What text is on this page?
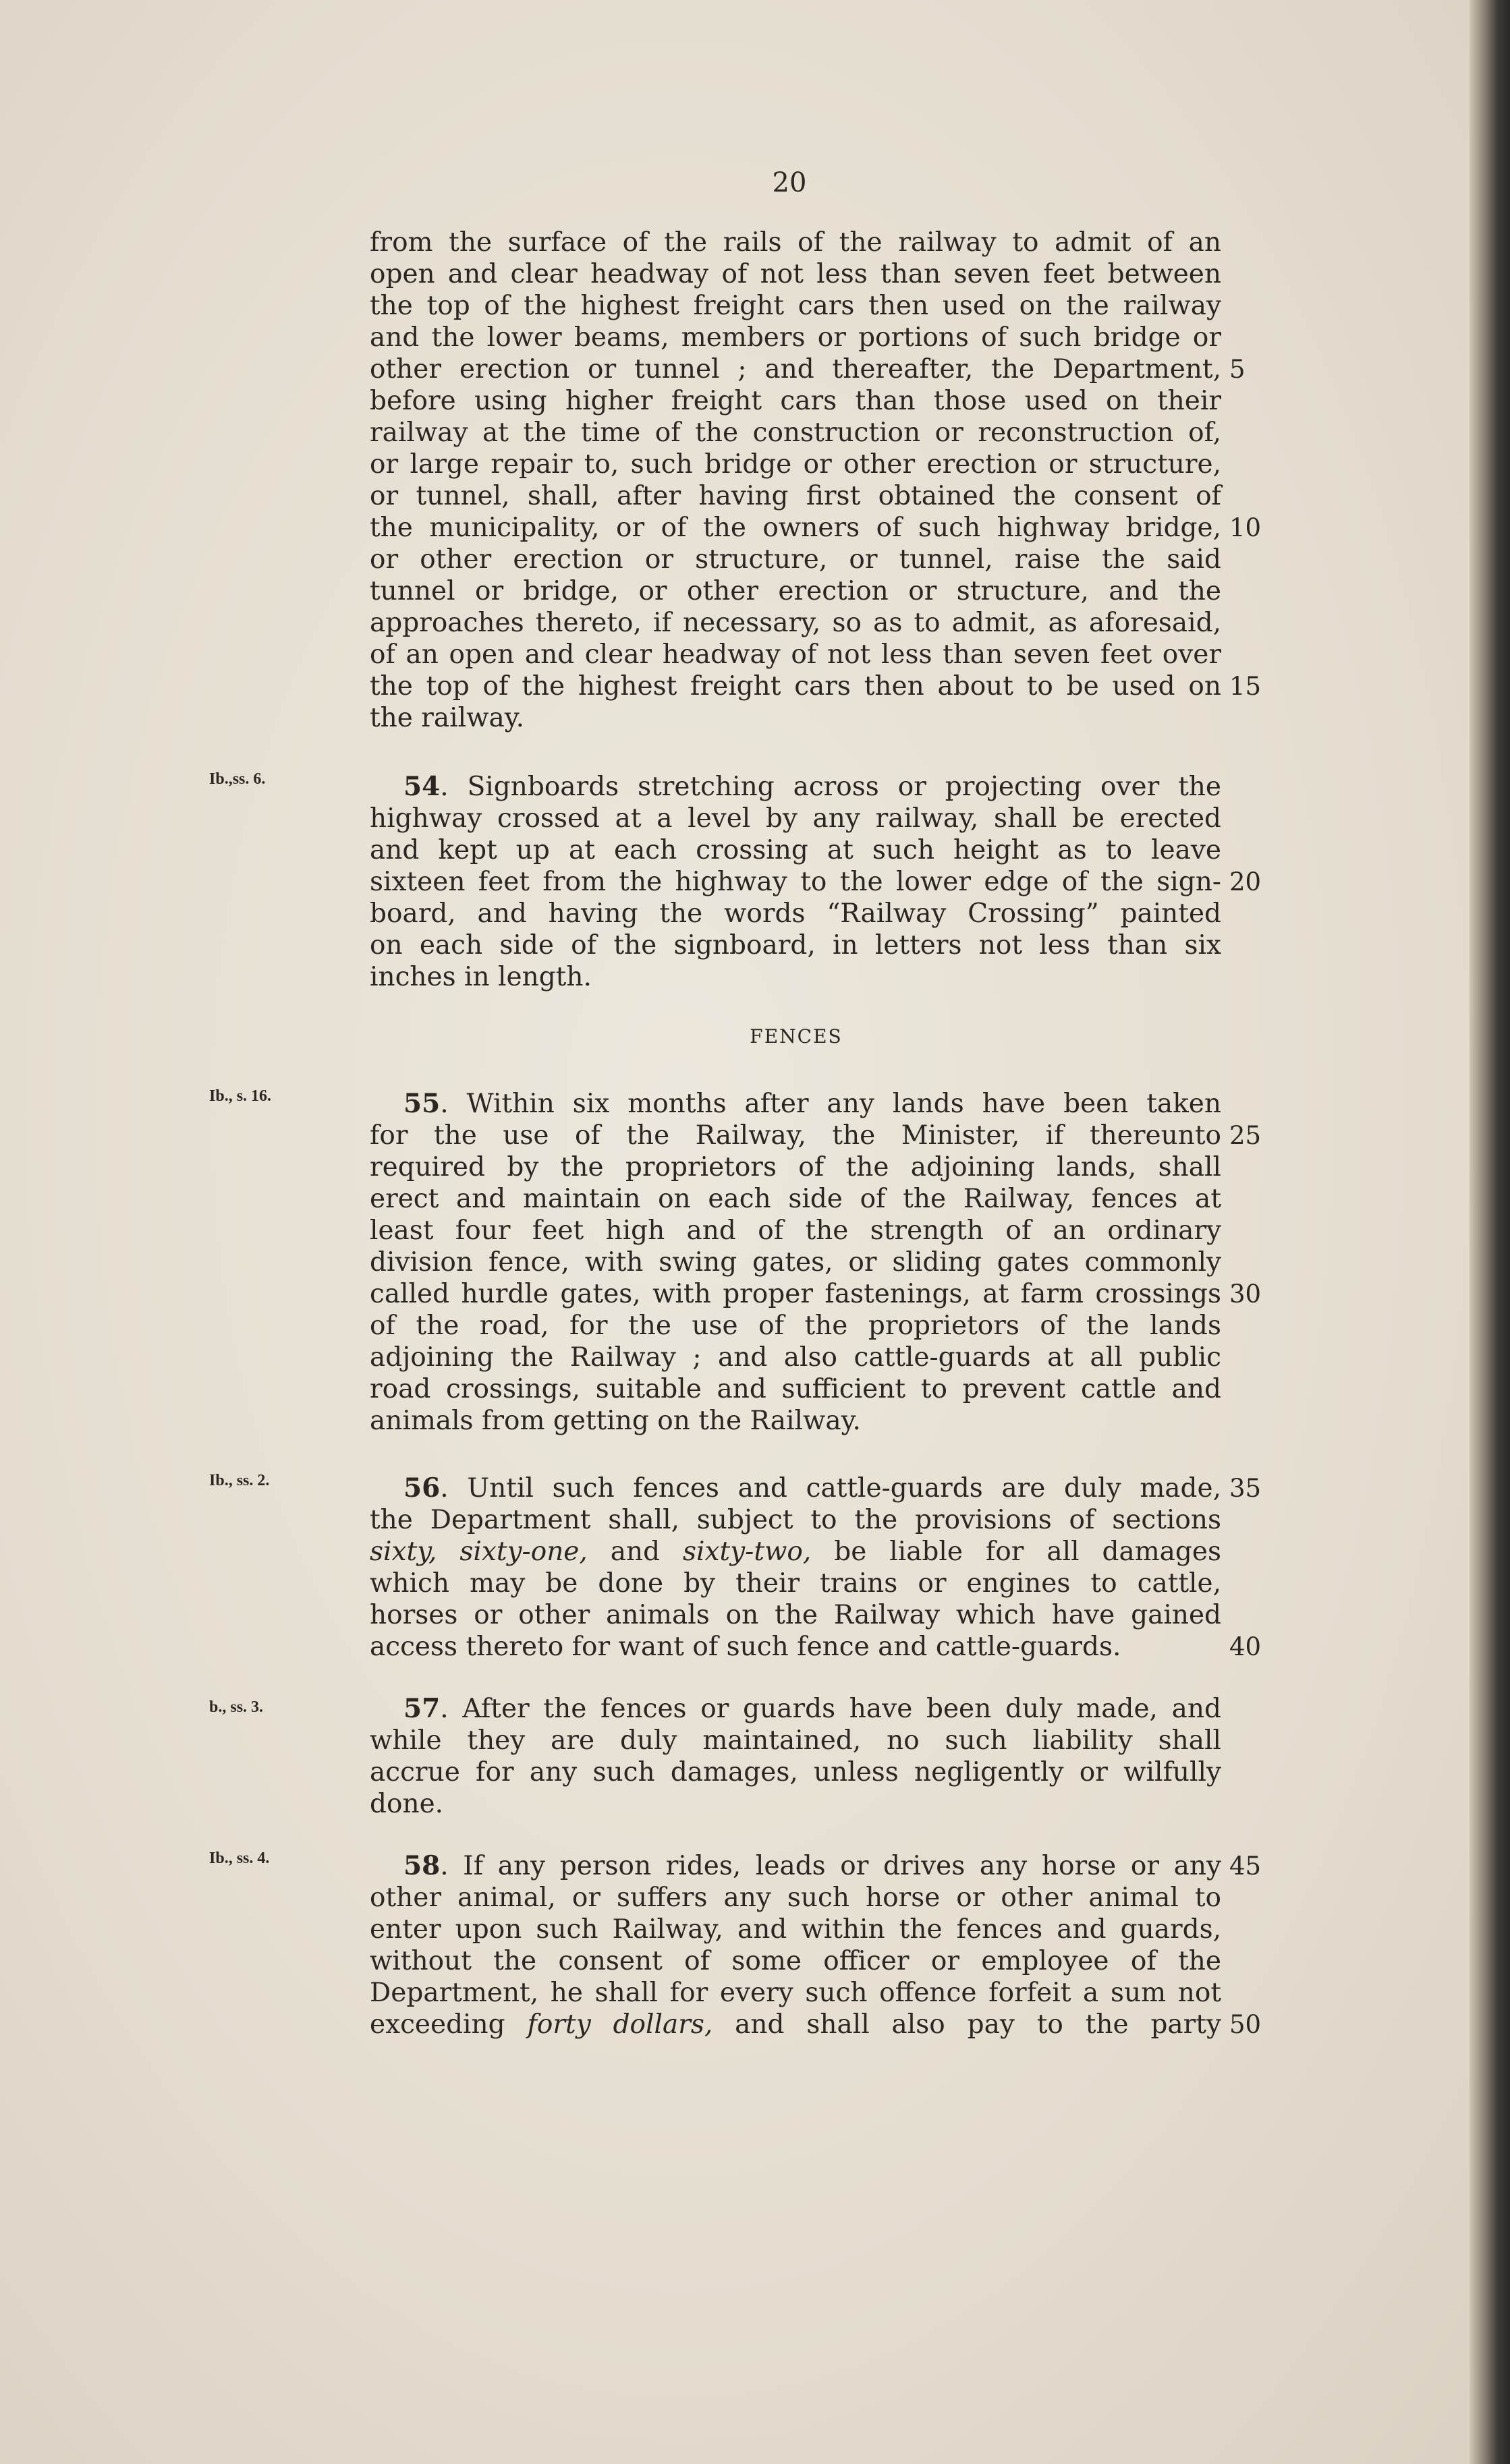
20
from the surface of the rails of the railway to admit of an
open and clear headway of not less than seven feet between
the top of the highest freight cars then used on the railway
and the lower beams, members or portions of such bridge or
other erection or tunnel ; and thereafter, the Department,
before using higher freight cars than those used on their
railway at the time of the construction or reconstruction of,
or large repair to, such bridge or other erection or structure,
or tunnel, shall, after having first obtained the consent of
the municipality, or of the owners of such highway bridge,
or other erection or structure, or tunnel, raise the said
tunnel or bridge, or other erection or structure, and the
approaches thereto, if necessary, so as to admit, as aforesaid,
of an open and clear headway of not less than seven feet over
the top of the highest freight cars then about to be used on
the railway.
Ib.,ss. 6.	54. Signboards stretching across or projecting over the
highway crossed at a level by any railway, shall be erected
and kept up at each crossing at such height as to leave
sixteen feet from the highway to the lower edge of the sign-
board, and having the words “Railway Crossing” painted
on each side of the signboard, in letters not less than six
inches in length.
FENCES
Ib., s. 16.	55. Within six months after any lands have been taken
for the use of the Railway, the Minister, if thereunto
required by the proprietors of the adjoining lands, shall
erect and maintain on each side of the Railway, fences at
least four feet high and of the strength of an ordinary
division fence, with swing gates, or sliding gates commonly
called hurdle gates, with proper fastenings, at farm crossings
of the road, for the use of the proprietors of the lands
adjoining the Railway ; and also cattle-guards at all public
road crossings, suitable and sufficient to prevent cattle and
animals from getting on the Railway.
Ib., ss. 2.	56. Until such fences and cattle-guards are duly made,
the Department shall, subject to the provisions of sections
sixty, sixty-one, and sixty-two, be liable for all damages
which may be done by their trains or engines to cattle,
horses or other animals on the Railway which have gained
access thereto for want of such fence and cattle-guards.
b., ss. 3.	57. After the fences or guards have been duly made, and
while they are duly maintained, no such liability shall
accrue for any such damages, unless negligently or wilfully
done.
Ib., ss. 4.	58. If any person rides, leads or drives any horse or any
other animal, or suffers any such horse or other animal to
enter upon such Railway, and within the fences and guards,
without the consent of some officer or employee of the
Department, he shall for every such offence forfeit a sum not
exceeding forty dollars, and shall also pay to the party
5
10
15
20
25
30
35
40
45
50
